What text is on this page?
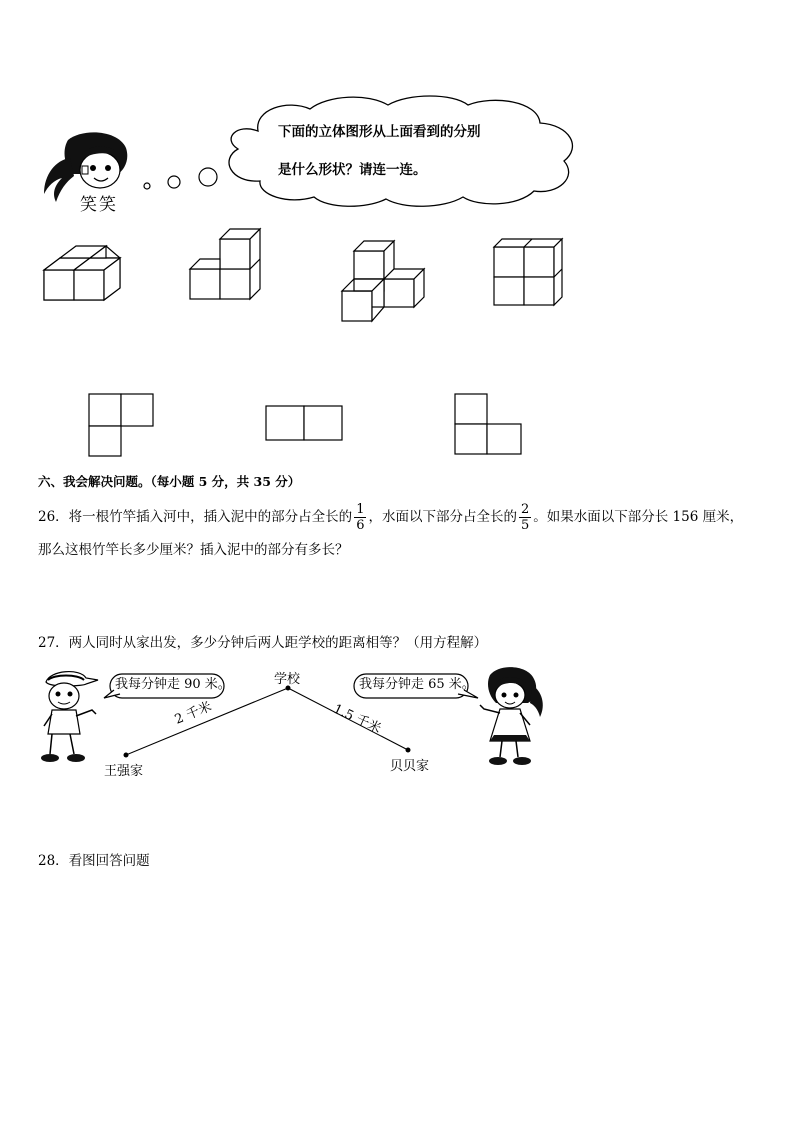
笑笑
下面的立体图形从上面看到的分别
是什么形状？请连一连。
六、我会解决问题。（每小题 5 分，共 35 分）
26．将一根竹竿插入河中，插入泥中的部分占全长的 $\frac{1}{6}$ ，水面以下部分占全长的 $\frac{2}{5}$ 。如果水面以下部分长 156 厘米，
那么这根竹竿长多少厘米？插入泥中的部分有多长？
27．两人同时从家出发，多少分钟后两人距学校的距离相等？（用方程解）
我每分钟走 90 米。	学校
2 千米	1.5 千米
王强家	贝贝家
我每分钟走 65 米。
28．看图回答问题
